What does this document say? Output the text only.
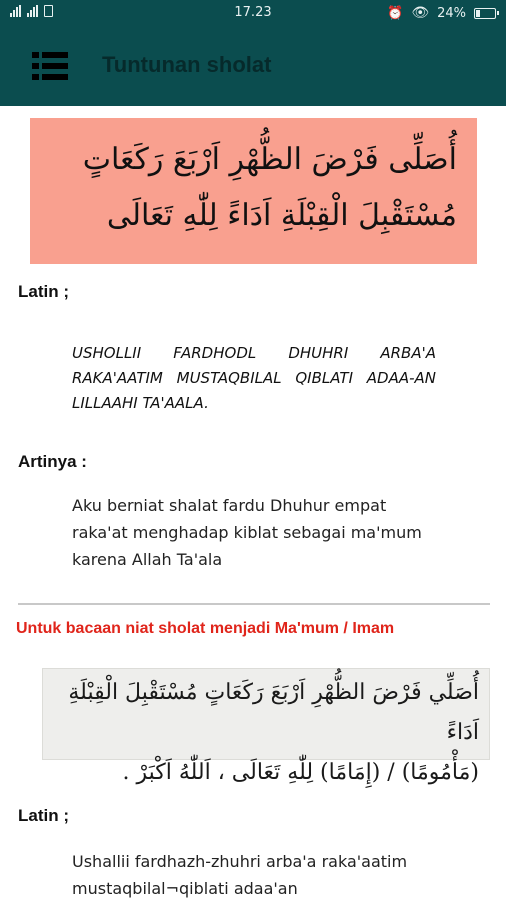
17.23	⏰ 👁 24%
Tuntunan sholat
أُصَلِّى فَرْضَ الظُّهْرِ اَرْبَعَ رَكَعَاتٍ
مُسْتَقْبِلَ الْقِبْلَةِ اَدَاءً لِلّٰهِ تَعَالَى
Latin ;
USHOLLII FARDHODL DHUHRI ARBA'A RAKA'AATIM MUSTAQBILAL QIBLATI ADAA-AN LILLAAHI TA'AALA.
Artinya :
Aku berniat shalat fardu Dhuhur empat raka'at menghadap kiblat sebagai ma'mum karena Allah Ta'ala
Untuk bacaan niat sholat menjadi Ma'mum / Imam
أُصَلِّي فَرْضَ الظُّهْرِ اَرْبَعَ رَكَعَاتٍ مُسْتَقْبِلَ الْقِبْلَةِ اَدَاءً
(مَأْمُومًا) / (إِمَامًا) لِلّٰهِ تَعَالَى ، اَللّٰهُ اَكْبَرْ .
Latin ;
Ushallii fardhazh-zhuhri arba'a raka'aatim mustaqbilal¬qiblati adaa'an
